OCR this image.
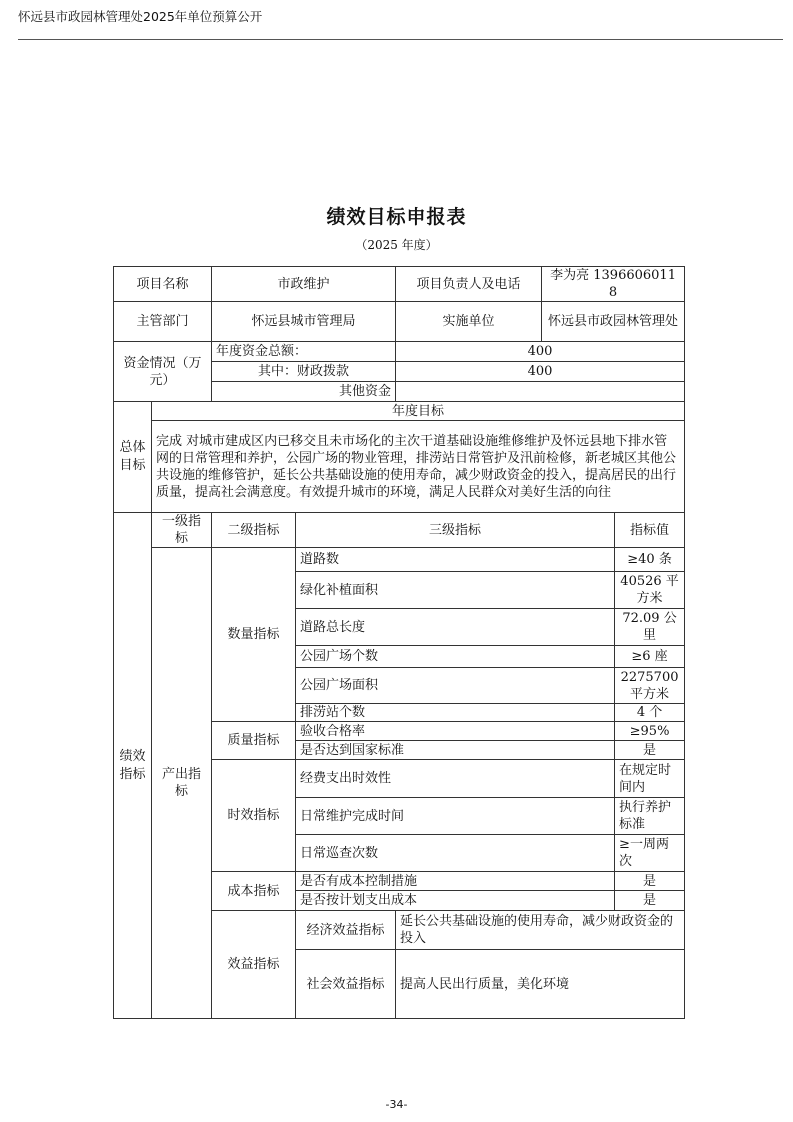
怀远县市政园林管理处2025年单位预算公开
绩效目标申报表
（2025 年度）
项目名称		市政维护		项目负责人及电话	李为亮 13966060118		
主管部门		怀远县城市管理局		实施单位	怀远县市政园林管理处		
资金情况（万元）		年度资金总额：		400			
		其中：财政拨款		400			
		其他资金					
总体目标	年度目标						
	完成 对城市建成区内已移交且未市场化的主次干道基础设施维修维护及怀远县地下排水管网的日常管理和养护，公园广场的物业管理，排涝站日常管护及汛前检修，新老城区其他公共设施的维修管护，延长公共基础设施的使用寿命，减少财政资金的投入，提高居民的出行质量，提高社会满意度。有效提升城市的环境，满足人民群众对美好生活的向往						
绩效指标	一级指标	二级指标	三级指标			指标值	
	产出指标	数量指标	道路数			≥40 条	
			绿化补植面积			40526 平方米	
			道路总长度			72.09 公里	
			公园广场个数			≥6 座	
			公园广场面积			2275700 平方米	
			排涝站个数			4 个	
		质量指标	验收合格率			≥95%	
			是否达到国家标准			是	
		时效指标	经费支出时效性			在规定时间内	
			日常维护完成时间			执行养护标准	
			日常巡查次数			≥一周两次	
		成本指标	是否有成本控制措施			是	
			是否按计划支出成本			是	
		效益指标	经济效益指标	延长公共基础设施的使用寿命，减少财政资金的投入	
			社会效益指标	提高人民出行质量，美化环境	
-34-
